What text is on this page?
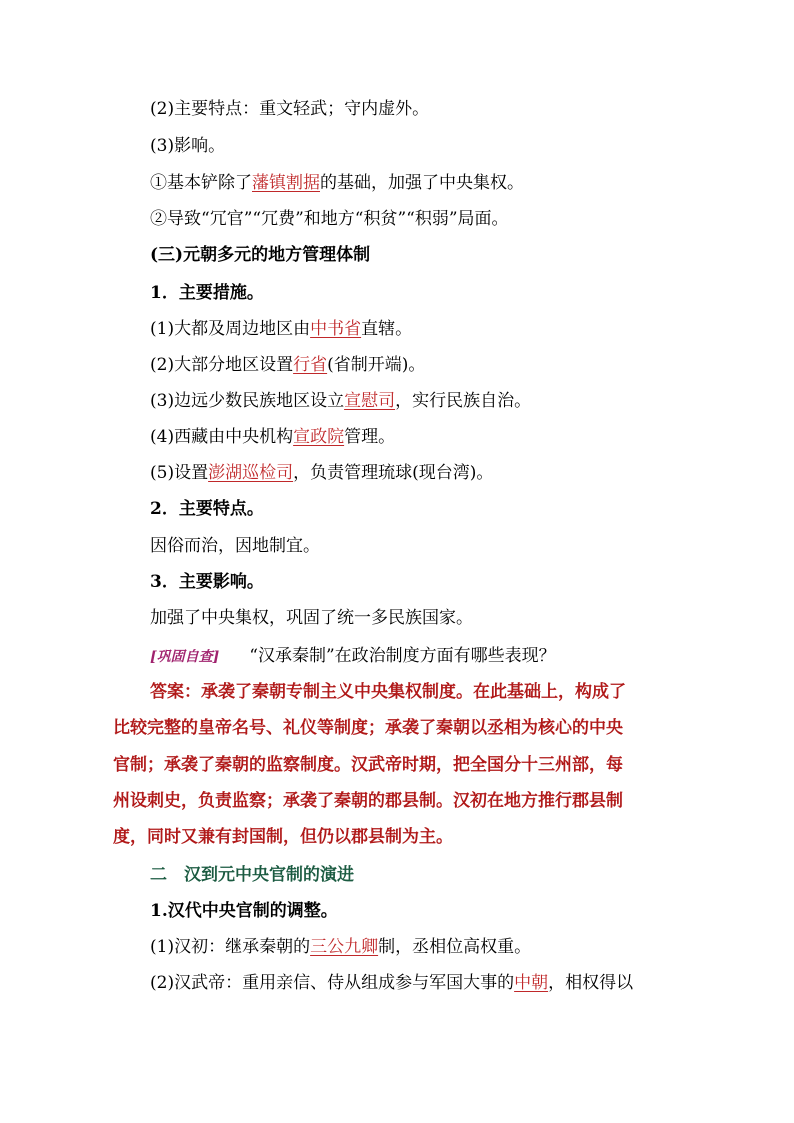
(2)主要特点：重文轻武；守内虚外。
(3)影响。
①基本铲除了藩镇割据的基础，加强了中央集权。
②导致“冗官”“冗费”和地方“积贫”“积弱”局面。
(三)元朝多元的地方管理体制
1．主要措施。
(1)大都及周边地区由中书省直辖。
(2)大部分地区设置行省(省制开端)。
(3)边远少数民族地区设立宣慰司，实行民族自治。
(4)西藏由中央机构宣政院管理。
(5)设置澎湖巡检司，负责管理琉球(现台湾)。
2．主要特点。
因俗而治，因地制宜。
3．主要影响。
加强了中央集权，巩固了统一多民族国家。
[巩固自查] “汉承秦制”在政治制度方面有哪些表现？
答案：承袭了秦朝专制主义中央集权制度。在此基础上，构成了
比较完整的皇帝名号、礼仪等制度；承袭了秦朝以丞相为核心的中央
官制；承袭了秦朝的监察制度。汉武帝时期，把全国分十三州部，每
州设刺史，负责监察；承袭了秦朝的郡县制。汉初在地方推行郡县制
度，同时又兼有封国制，但仍以郡县制为主。
二　汉到元中央官制的演进
1.汉代中央官制的调整。
(1)汉初：继承秦朝的三公九卿制，丞相位高权重。
(2)汉武帝：重用亲信、侍从组成参与军国大事的中朝，相权得以
